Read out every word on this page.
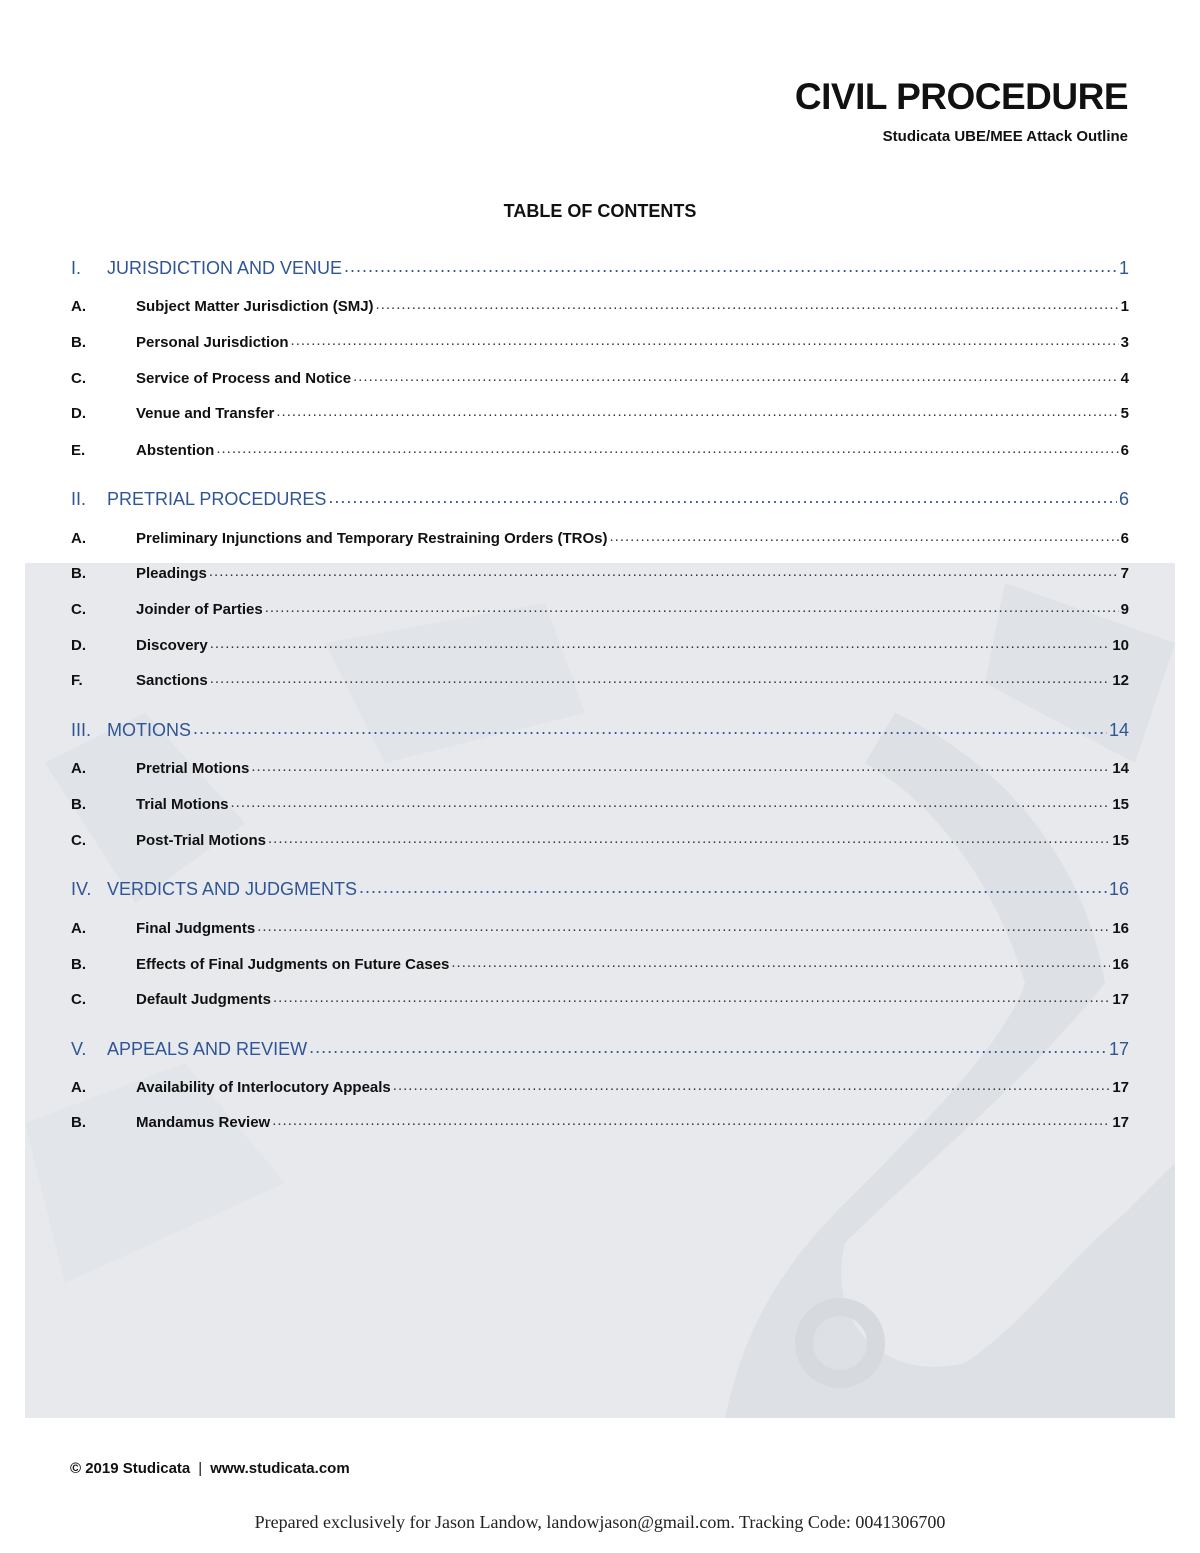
CIVIL PROCEDURE
Studicata UBE/MEE Attack Outline
TABLE OF CONTENTS
I.	JURISDICTION AND VENUE .....	1
A.	Subject Matter Jurisdiction (SMJ) .....	1
B.	Personal Jurisdiction .....	3
C.	Service of Process and Notice .....	4
D.	Venue and Transfer .....	5
E.	Abstention .....	6
II.	PRETRIAL PROCEDURES .....	6
A.	Preliminary Injunctions and Temporary Restraining Orders (TROs) .....	6
B.	Pleadings .....	7
C.	Joinder of Parties .....	9
D.	Discovery .....	10
F.	Sanctions .....	12
III. MOTIONS .....	14
A.	Pretrial Motions .....	14
B.	Trial Motions .....	15
C.	Post-Trial Motions .....	15
IV. VERDICTS AND JUDGMENTS .....	16
A.	Final Judgments .....	16
B.	Effects of Final Judgments on Future Cases .....	16
C.	Default Judgments .....	17
V.	APPEALS AND REVIEW .....	17
A.	Availability of Interlocutory Appeals .....	17
B.	Mandamus Review .....	17
© 2019 Studicata | www.studicata.com
Prepared exclusively for Jason Landow, landowjason@gmail.com. Tracking Code: 0041306700
